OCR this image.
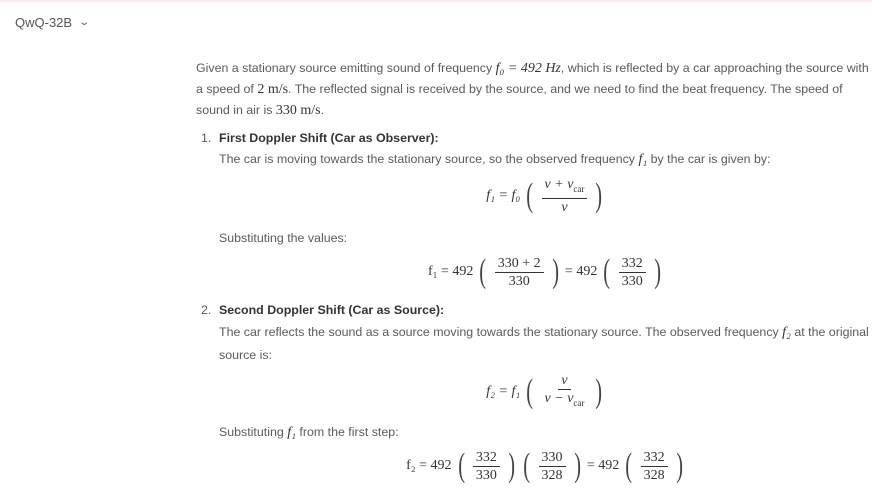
QwQ-32B ⌄
Given a stationary source emitting sound of frequency f₀ = 492 Hz, which is reflected by a car approaching the source with a speed of 2 m/s. The reflected signal is received by the source, and we need to find the beat frequency. The speed of sound in air is 330 m/s.
1. First Doppler Shift (Car as Observer):
The car is moving towards the stationary source, so the observed frequency f₁ by the car is given by:
f₁ = f₀ ( $\frac{v + v_{car}}{v}$ )
Substituting the values:
f₁ = 492 ( $\frac{330 + 2}{330}$ ) = 492 ( $\frac{332}{330}$ )
2. Second Doppler Shift (Car as Source):
The car reflects the sound as a source moving towards the stationary source. The observed frequency f₂ at the original source is:
f₂ = f₁ ( $\frac{v}{v - v_{car}}$ )
Substituting f₁ from the first step:
f₂ = 492 ( $\frac{332}{330}$ ) ( $\frac{330}{328}$ ) = 492 ( $\frac{332}{328}$ )
